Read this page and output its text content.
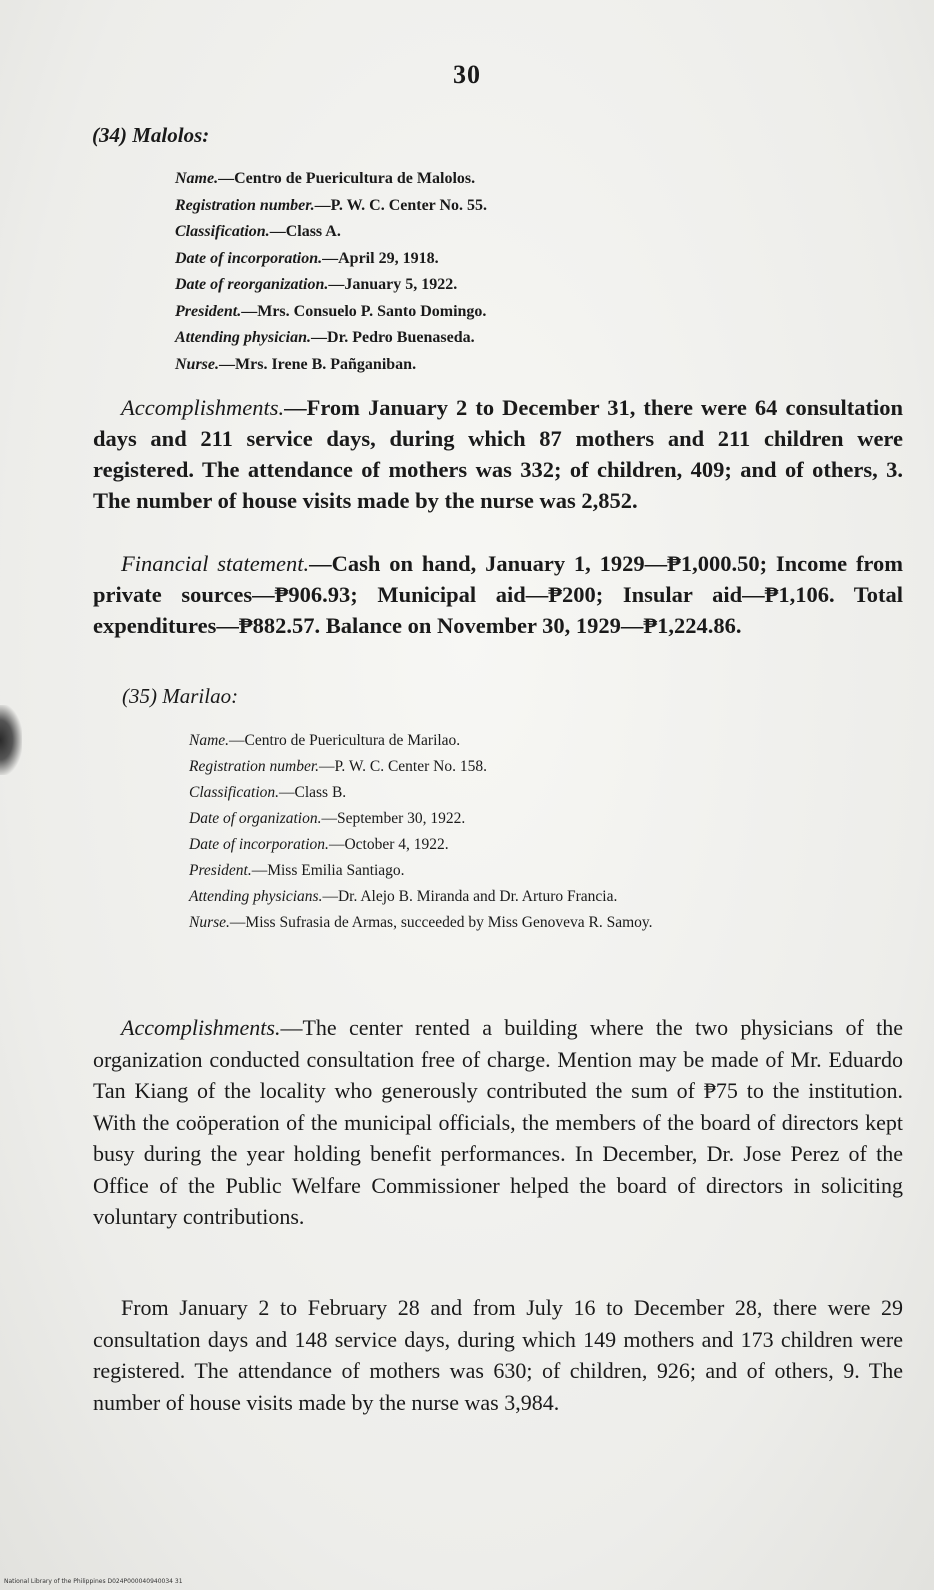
30
(34) Malolos:
Name.—Centro de Puericultura de Malolos.
Registration number.—P. W. C. Center No. 55.
Classification.—Class A.
Date of incorporation.—April 29, 1918.
Date of reorganization.—January 5, 1922.
President.—Mrs. Consuelo P. Santo Domingo.
Attending physician.—Dr. Pedro Buenaseda.
Nurse.—Mrs. Irene B. Pañganiban.
Accomplishments.—From January 2 to December 31, there were 64 consultation days and 211 service days, during which 87 mothers and 211 children were registered. The attendance of mothers was 332; of children, 409; and of others, 3. The number of house visits made by the nurse was 2,852.
Financial statement.—Cash on hand, January 1, 1929—₱1,000.50; Income from private sources—₱906.93; Municipal aid—₱200; Insular aid—₱1,106. Total expenditures—₱882.57. Balance on November 30, 1929—₱1,224.86.
(35) Marilao:
Name.—Centro de Puericultura de Marilao.
Registration number.—P. W. C. Center No. 158.
Classification.—Class B.
Date of organization.—September 30, 1922.
Date of incorporation.—October 4, 1922.
President.—Miss Emilia Santiago.
Attending physicians.—Dr. Alejo B. Miranda and Dr. Arturo Francia.
Nurse.—Miss Sufrasia de Armas, succeeded by Miss Genoveva R. Samoy.
Accomplishments.—The center rented a building where the two physicians of the organization conducted consultation free of charge. Mention may be made of Mr. Eduardo Tan Kiang of the locality who generously contributed the sum of ₱75 to the institution. With the coöperation of the municipal officials, the members of the board of directors kept busy during the year holding benefit performances. In December, Dr. Jose Perez of the Office of the Public Welfare Commissioner helped the board of directors in soliciting voluntary contributions.
From January 2 to February 28 and from July 16 to December 28, there were 29 consultation days and 148 service days, during which 149 mothers and 173 children were registered. The attendance of mothers was 630; of children, 926; and of others, 9. The number of house visits made by the nurse was 3,984.
National Library of the Philippines D024P000040940034 31
